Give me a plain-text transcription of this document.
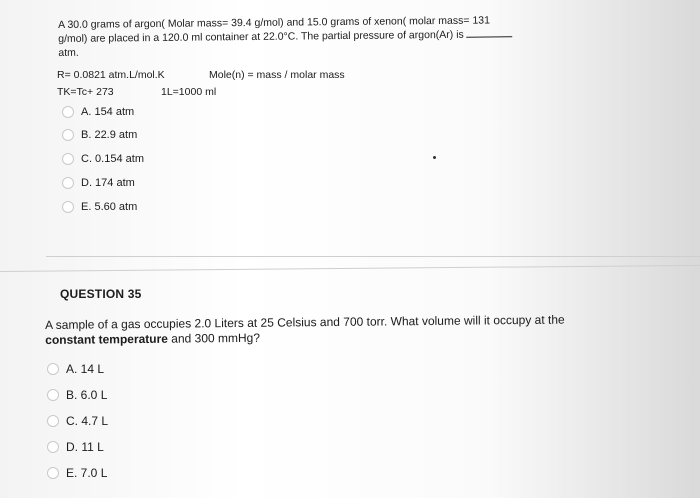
A 30.0 grams of argon( Molar mass= 39.4 g/mol) and 15.0 grams of xenon( molar mass= 131
g/mol) are placed in a 120.0 ml container at 22.0°C. The partial pressure of argon(Ar) is
atm.
R= 0.0821 atm.L/mol.K	Mole(n) = mass / molar mass
TK=Tc+ 273	1L=1000 ml
A. 154 atm
B. 22.9 atm
C. 0.154 atm
D. 174 atm
E. 5.60 atm
QUESTION 35
A sample of a gas occupies 2.0 Liters at 25 Celsius and 700 torr. What volume will it occupy at the
constant temperature and 300 mmHg?
A. 14 L
B. 6.0 L
C. 4.7 L
D. 11 L
E. 7.0 L
